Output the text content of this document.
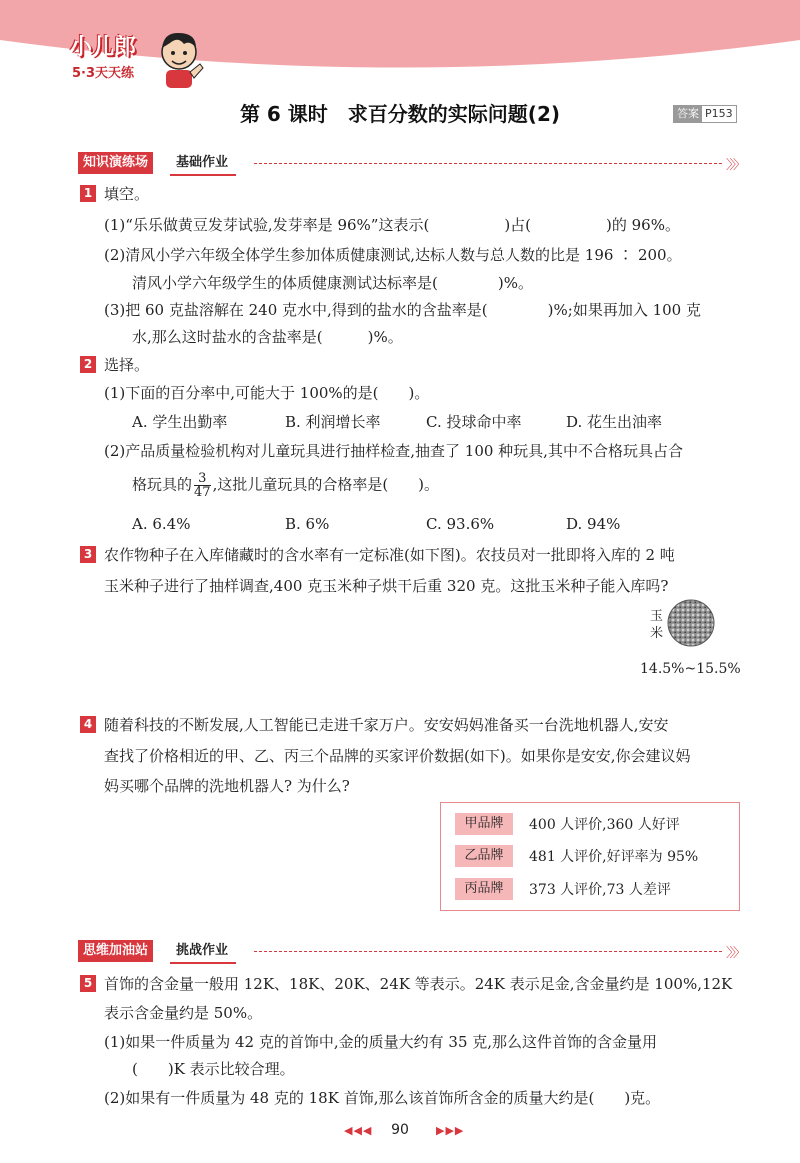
小儿郎
5·3天天练
第 6 课时　求百分数的实际问题(2)	答案 P153
知识演练场	基础作业	〉〉〉
1 填空。
(1)“乐乐做黄豆发芽试验,发芽率是 96%”这表示(　　　　　)占(　　　　　)的 96%。
(2)清风小学六年级全体学生参加体质健康测试,达标人数与总人数的比是 196 ∶ 200。
清风小学六年级学生的体质健康测试达标率是(　　　　)%。
(3)把 60 克盐溶解在 240 克水中,得到的盐水的含盐率是(　　　　)%;如果再加入 100 克
水,那么这时盐水的含盐率是(　　　)%。
2 选择。
(1)下面的百分率中,可能大于 100%的是(　　)。
A. 学生出勤率	B. 利润增长率	C. 投球命中率	D. 花生出油率
(2)产品质量检验机构对儿童玩具进行抽样检查,抽查了 100 种玩具,其中不合格玩具占合
格玩具的 $\frac{3}{47}$ ,这批儿童玩具的合格率是(　　)。
A. 6.4%	B. 6%	C. 93.6%	D. 94%
3 农作物种子在入库储藏时的含水率有一定标准(如下图)。农技员对一批即将入库的 2 吨
玉米种子进行了抽样调查,400 克玉米种子烘干后重 320 克。这批玉米种子能入库吗?
玉米
14.5%~15.5%
4 随着科技的不断发展,人工智能已走进千家万户。安安妈妈准备买一台洗地机器人,安安
查找了价格相近的甲、乙、丙三个品牌的买家评价数据(如下)。如果你是安安,你会建议妈
妈买哪个品牌的洗地机器人? 为什么?
甲品牌	400 人评价,360 人好评
乙品牌	481 人评价,好评率为 95%
丙品牌	373 人评价,73 人差评
思维加油站	挑战作业	〉〉〉
5 首饰的含金量一般用 12K、18K、20K、24K 等表示。24K 表示足金,含金量约是 100%,12K
表示含金量约是 50%。
(1)如果一件质量为 42 克的首饰中,金的质量大约有 35 克,那么这件首饰的含金量用
(　　)K 表示比较合理。
(2)如果有一件质量为 48 克的 18K 首饰,那么该首饰所含金的质量大约是(　　)克。
◀◀◀	90	▶▶▶
